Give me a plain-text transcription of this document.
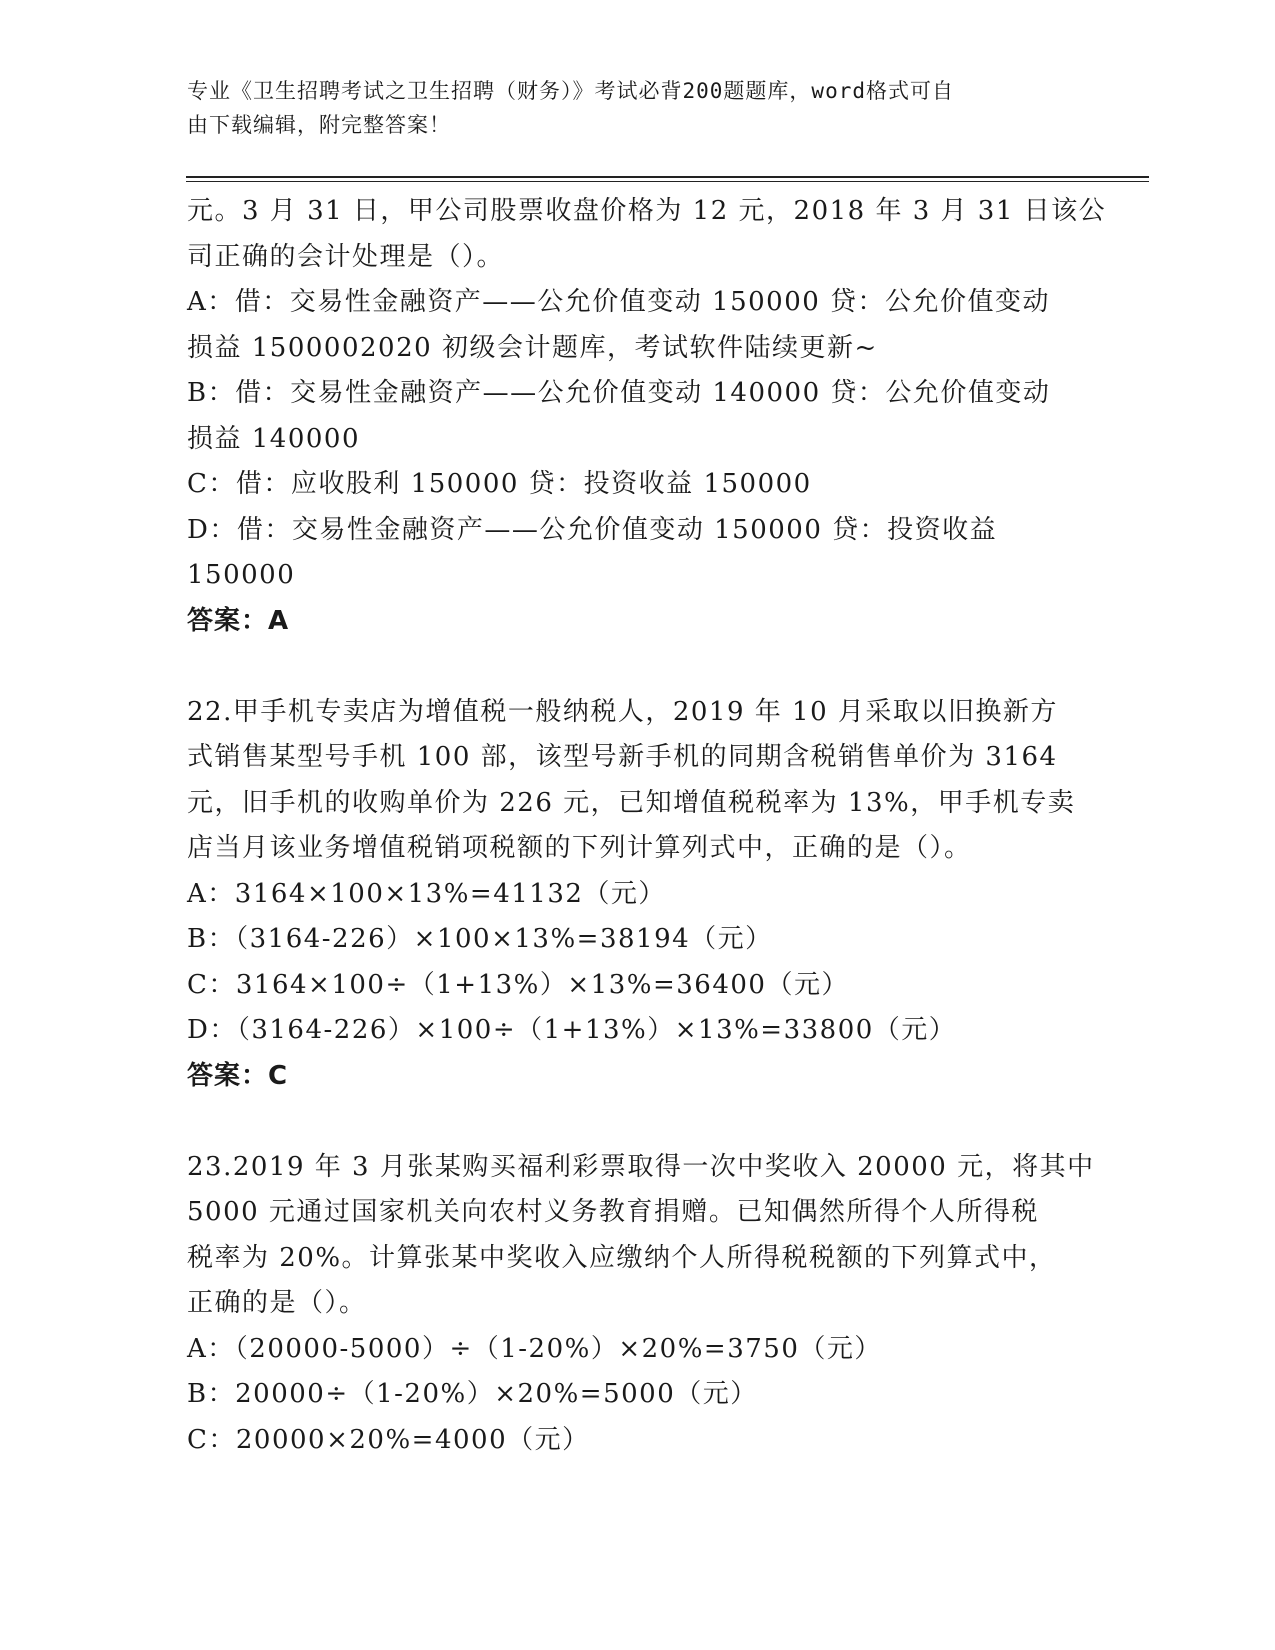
专业《卫生招聘考试之卫生招聘（财务）》考试必背200题题库，word格式可自
由下载编辑，附完整答案！
元。3 月 31 日，甲公司股票收盘价格为 12 元，2018 年 3 月 31 日该公
司正确的会计处理是（）。
A：借：交易性金融资产——公允价值变动 150000 贷：公允价值变动
损益 1500002020 初级会计题库，考试软件陆续更新~
B：借：交易性金融资产——公允价值变动 140000 贷：公允价值变动
损益 140000
C：借：应收股利 150000 贷：投资收益 150000
D：借：交易性金融资产——公允价值变动 150000 贷：投资收益
150000
答案：A
22.甲手机专卖店为增值税一般纳税人，2019 年 10 月采取以旧换新方
式销售某型号手机 100 部，该型号新手机的同期含税销售单价为 3164
元，旧手机的收购单价为 226 元，已知增值税税率为 13%，甲手机专卖
店当月该业务增值税销项税额的下列计算列式中，正确的是（）。
A：3164×100×13%=41132（元）
B：（3164-226）×100×13%=38194（元）
C：3164×100÷（1+13%）×13%=36400（元）
D：（3164-226）×100÷（1+13%）×13%=33800（元）
答案：C
23.2019 年 3 月张某购买福利彩票取得一次中奖收入 20000 元，将其中
5000 元通过国家机关向农村义务教育捐赠。已知偶然所得个人所得税
税率为 20%。计算张某中奖收入应缴纳个人所得税税额的下列算式中，
正确的是（）。
A：（20000-5000）÷（1-20%）×20%=3750（元）
B：20000÷（1-20%）×20%=5000（元）
C：20000×20%=4000（元）
